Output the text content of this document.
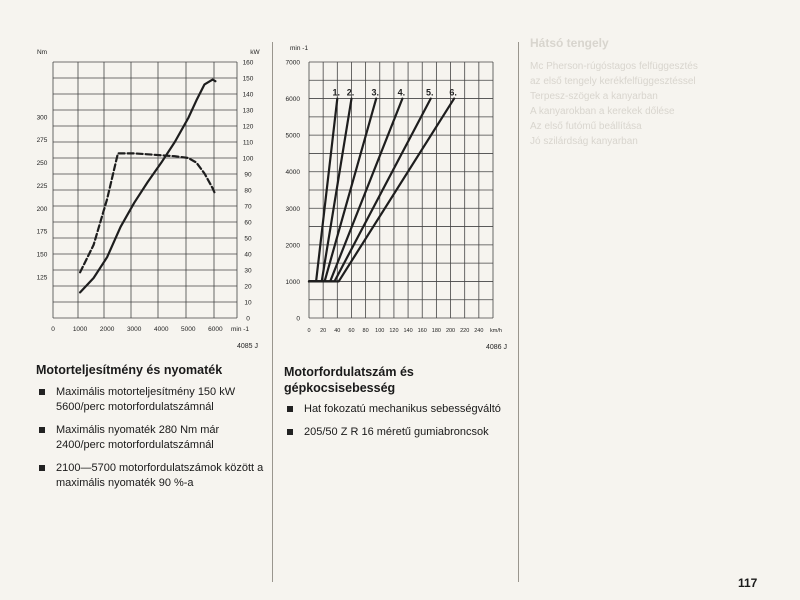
Hátsó tengely
Mc Pherson-rúgóstagos felfüggesztés
az első tengely kerékfelfüggesztéssel
Terpesz-szögek a kanyarban
A kanyarokban a kerekek dőlése
Az első futómű beállítása
Jó szilárdság kanyarban
0	1000 2000 3000 4000 5000 6000 min -1
0
10
20
30
40
50
60
70
80
90
100
110
120
130
140
150
160
kW
125
150
175
200
225
250
275
300
Nm
4085 J
0
1000
2000
3000
4000
5000
6000
7000
min -1
0 20 40 60 80 100 120 140 160 180 200 220 240 km/h
4086 J
1. 2. 3. 4. 5. 6.
Motorteljesítmény és nyomaték
Maximális motorteljesítmény 150 kW 5600/perc motorfordulatszámnál
Maximális nyomaték 280 Nm már 2400/perc motorfordulatszámnál
2100—5700 motorfordulatszámok között a maximális nyomaték 90 %-a
Motorfordulatszám és
gépkocsisebesség
Hat fokozatú mechanikus sebességváltó
205/50 Z R 16 méretű gumiabroncsok
117
